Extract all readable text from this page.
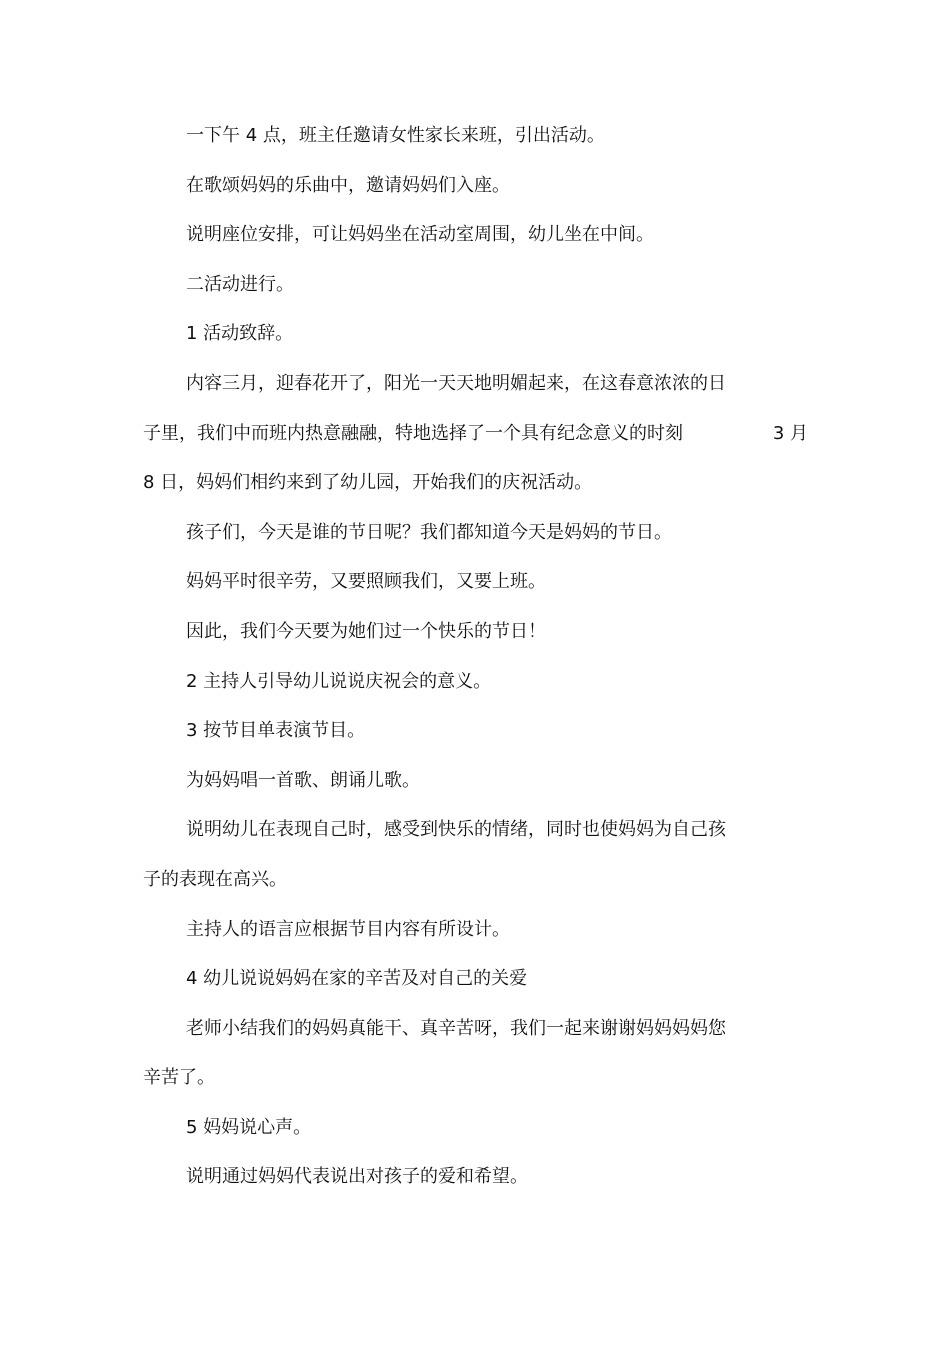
一下午 4 点，班主任邀请女性家长来班，引出活动。
在歌颂妈妈的乐曲中，邀请妈妈们入座。
说明座位安排，可让妈妈坐在活动室周围，幼儿坐在中间。
二活动进行。
1 活动致辞。
内容三月，迎春花开了，阳光一天天地明媚起来，在这春意浓浓的日
子里，我们中而班内热意融融，特地选择了一个具有纪念意义的时刻	3 月
8 日，妈妈们相约来到了幼儿园，开始我们的庆祝活动。
孩子们，今天是谁的节日呢？我们都知道今天是妈妈的节日。
妈妈平时很辛劳，又要照顾我们，又要上班。
因此，我们今天要为她们过一个快乐的节日！
2 主持人引导幼儿说说庆祝会的意义。
3 按节目单表演节目。
为妈妈唱一首歌、朗诵儿歌。
说明幼儿在表现自己时，感受到快乐的情绪，同时也使妈妈为自己孩
子的表现在高兴。
主持人的语言应根据节目内容有所设计。
4 幼儿说说妈妈在家的辛苦及对自己的关爱
老师小结我们的妈妈真能干、真辛苦呀，我们一起来谢谢妈妈妈妈您
辛苦了。
5 妈妈说心声。
说明通过妈妈代表说出对孩子的爱和希望。
